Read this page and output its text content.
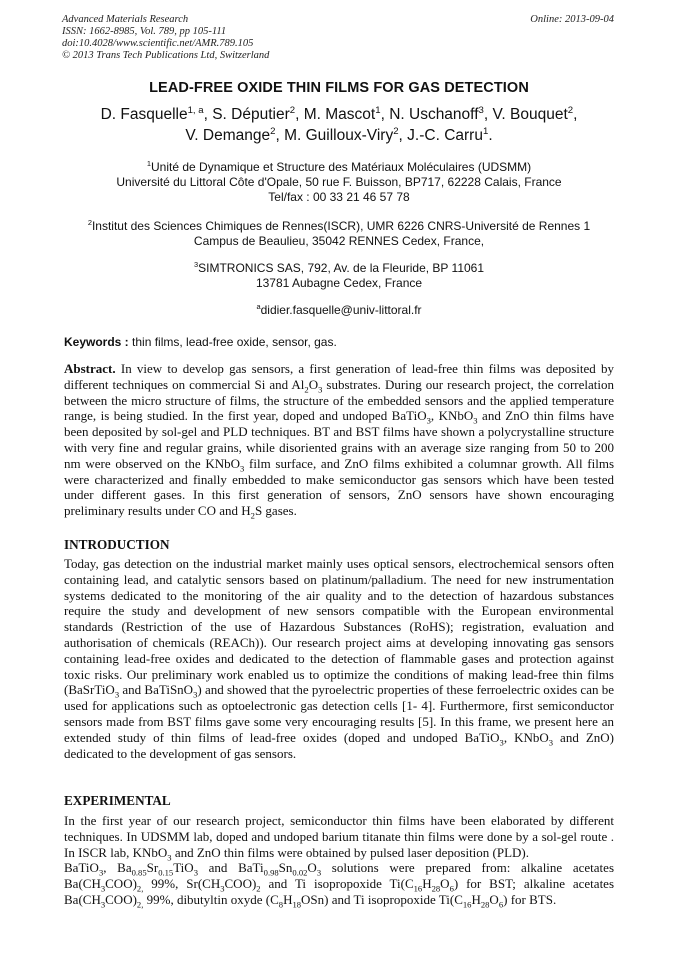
Advanced Materials Research
ISSN: 1662-8985, Vol. 789, pp 105-111
doi:10.4028/www.scientific.net/AMR.789.105
© 2013 Trans Tech Publications Ltd, Switzerland
Online: 2013-09-04
LEAD-FREE OXIDE THIN FILMS FOR GAS DETECTION
D. Fasquelle$^{1, a}$, S. Députier$^2$, M. Mascot$^1$, N. Uschanoff$^3$, V. Bouquet$^2$,
V. Demange$^2$, M. Guilloux-Viry$^2$, J.-C. Carru$^1$.
$^1$Unité de Dynamique et Structure des Matériaux Moléculaires (UDSMM)
Université du Littoral Côte d'Opale, 50 rue F. Buisson, BP717, 62228 Calais, France
Tel/fax : 00 33 21 46 57 78
$^2$Institut des Sciences Chimiques de Rennes(ISCR), UMR 6226 CNRS-Université de Rennes 1
Campus de Beaulieu, 35042 RENNES Cedex, France,
$^3$SIMTRONICS SAS, 792, Av. de la Fleuride, BP 11061
13781 Aubagne Cedex, France
$^a$didier.fasquelle@univ-littoral.fr
Keywords : thin films, lead-free oxide, sensor, gas.
Abstract. In view to develop gas sensors, a first generation of lead-free thin films was deposited by different techniques on commercial Si and $Al_2O_3$ substrates. During our research project, the correlation between the micro structure of films, the structure of the embedded sensors and the applied temperature range, is being studied. In the first year, doped and undoped BaTiO$_3$, KNbO$_3$ and ZnO thin films have been deposited by sol-gel and PLD techniques. BT and BST films have shown a polycrystalline structure with very fine and regular grains, while disoriented grains with an average size ranging from 50 to 200 nm were observed on the KNbO$_3$ film surface, and ZnO films exhibited a columnar growth. All films were characterized and finally embedded to make semiconductor gas sensors which have been tested under different gases. In this first generation of sensors, ZnO sensors have shown encouraging preliminary results under CO and $H_2S$ gases.
INTRODUCTION
Today, gas detection on the industrial market mainly uses optical sensors, electrochemical sensors often containing lead, and catalytic sensors based on platinum/palladium. The need for new instrumentation systems dedicated to the monitoring of the air quality and to the detection of hazardous substances require the study and development of new sensors compatible with the European environmental standards (Restriction of the use of Hazardous Substances (RoHS); registration, evaluation and authorisation of chemicals (REACh)). Our research project aims at developing innovating gas sensors containing lead-free oxides and dedicated to the detection of flammable gases and protection against toxic risks. Our preliminary work enabled us to optimize the conditions of making lead-free thin films (BaSrTiO$_3$ and BaTiSnO$_3$) and showed that the pyroelectric properties of these ferroelectric oxides can be used for applications such as optoelectronic gas detection cells [1- 4]. Furthermore, first semiconductor sensors made from BST films gave some very encouraging results [5]. In this frame, we present here an extended study of thin films of lead-free oxides (doped and undoped BaTiO$_3$, KNbO$_3$ and ZnO) dedicated to the development of gas sensors.
EXPERIMENTAL
In the first year of our research project, semiconductor thin films have been elaborated by different techniques. In UDSMM lab, doped and undoped barium titanate thin films were done by a sol-gel route . In ISCR lab, KNbO$_3$ and ZnO thin films were obtained by pulsed laser deposition (PLD).
BaTiO$_3$, $Ba_{0.85}Sr_{0.15}TiO_3$ and $BaTi_{0.98}Sn_{0.02}O_3$ solutions were prepared from: alkaline acetates $Ba(CH_3COO)_{2,}$ 99%, $Sr(CH_3COO)_2$ and Ti isopropoxide $Ti(C_{16}H_{28}O_6)$ for BST; alkaline acetates $Ba(CH_3COO)_{2,}$ 99%, dibutyltin oxyde $(C_8H_{18}OSn)$ and Ti isopropoxide $Ti(C_{16}H_{28}O_6)$ for BTS.
